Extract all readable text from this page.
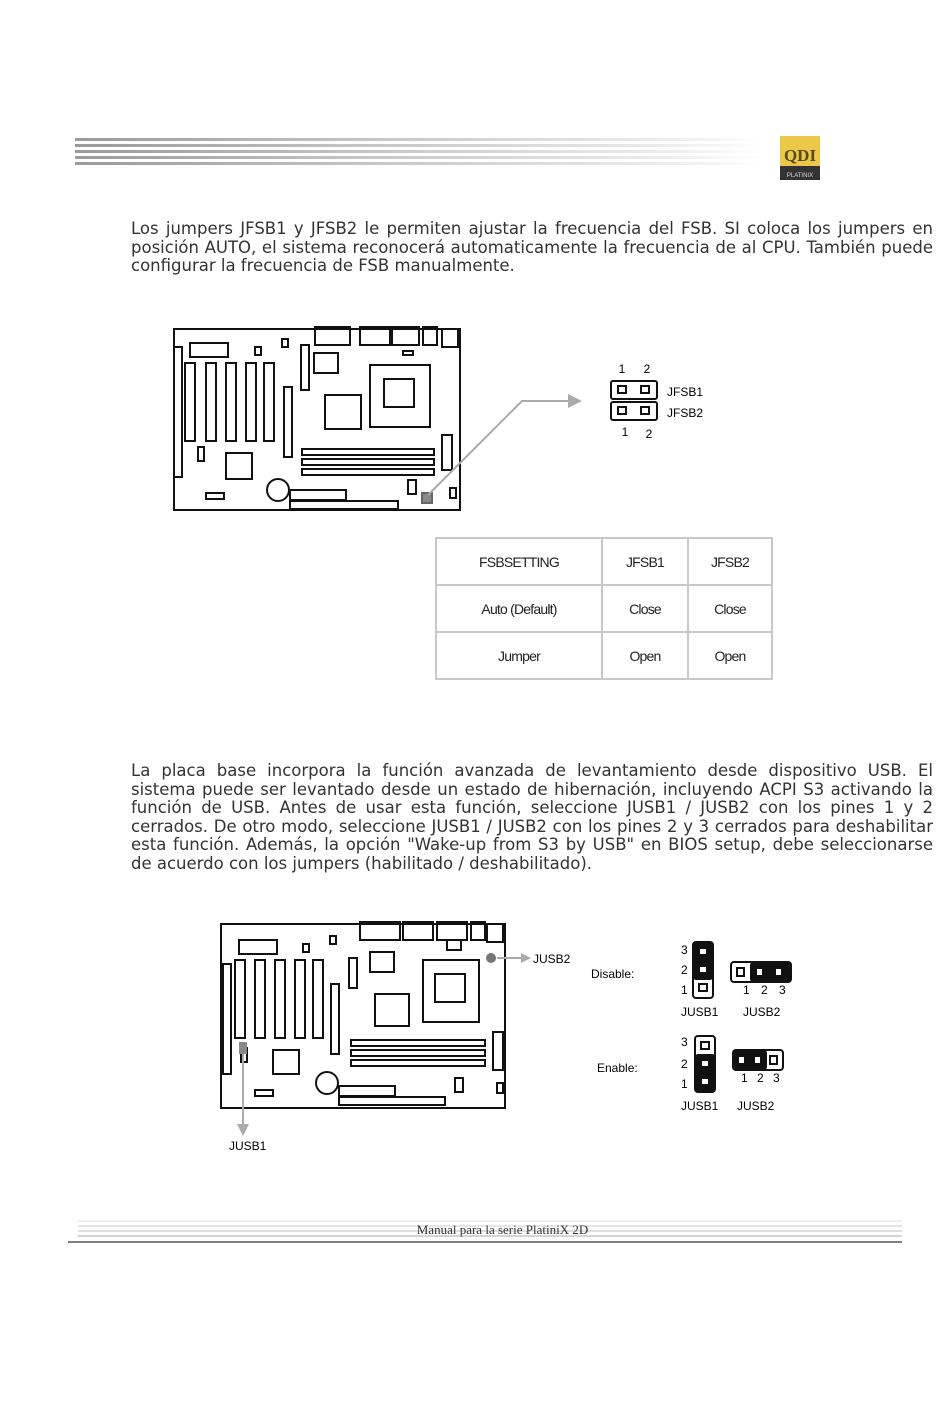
QDI
PLATINIX
Los jumpers JFSB1 y JFSB2 le permiten ajustar la frecuencia del FSB. SI coloca los jumpers en posición AUTO, el sistema reconocerá automaticamente la frecuencia de al CPU. También puede configurar la frecuencia de FSB manualmente.
1 2
1 2
JFSB1
JFSB2
FSBSETTING	JFSB1	JFSB2
Auto (Default)	Close	Close
Jumper	Open	Open
La placa base incorpora la función avanzada de levantamiento desde dispositivo USB. El sistema puede ser levantado desde un estado de hibernación, incluyendo ACPI S3 activando la función de USB. Antes de usar esta función, seleccione JUSB1 / JUSB2 con los pines 1 y 2 cerrados. De otro modo, seleccione JUSB1 / JUSB2 con los pines 2 y 3 cerrados para deshabilitar esta función. Además, la opción "Wake-up from S3 by USB" en BIOS setup, debe seleccionarse de acuerdo con los jumpers (habilitado / deshabilitado).
JUSB2
JUSB1
Disable:
3
2
1	1 2 3
JUSB1 JUSB2
Enable:
3
2
1	1 2 3
JUSB1 JUSB2
Manual para la serie PlatiniX 2D
